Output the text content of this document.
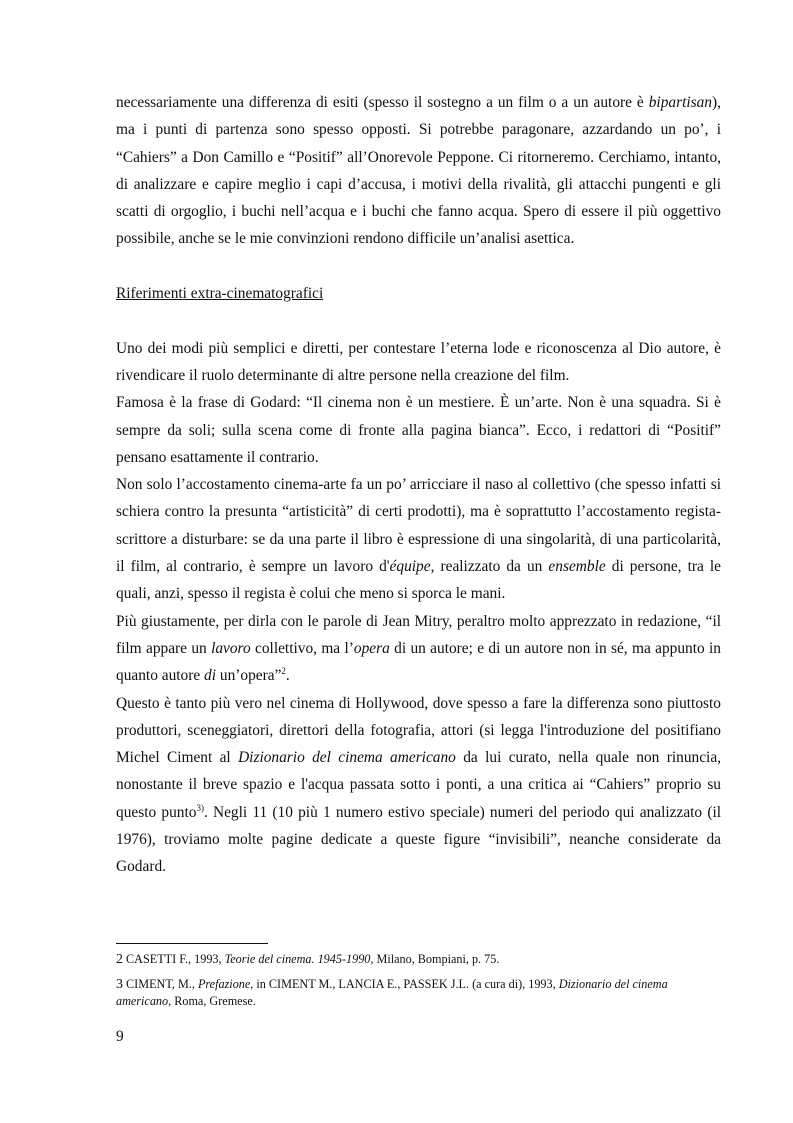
necessariamente una differenza di esiti (spesso il sostegno a un film o a un autore è bipartisan), ma i punti di partenza sono spesso opposti. Si potrebbe paragonare, azzardando un po’, i “Cahiers” a Don Camillo e “Positif” all’Onorevole Peppone. Ci ritorneremo. Cerchiamo, intanto, di analizzare e capire meglio i capi d’accusa, i motivi della rivalità, gli attacchi pungenti e gli scatti di orgoglio, i buchi nell’acqua e i buchi che fanno acqua. Spero di essere il più oggettivo possibile, anche se le mie convinzioni rendono difficile un’analisi asettica.

Riferimenti extra-cinematografici

Uno dei modi più semplici e diretti, per contestare l’eterna lode e riconoscenza al Dio autore, è rivendicare il ruolo determinante di altre persone nella creazione del film.

Famosa è la frase di Godard: “Il cinema non è un mestiere. È un’arte. Non è una squadra. Si è sempre da soli; sulla scena come di fronte alla pagina bianca”. Ecco, i redattori di “Positif” pensano esattamente il contrario.

Non solo l’accostamento cinema-arte fa un po’ arricciare il naso al collettivo (che spesso infatti si schiera contro la presunta “artisticità” di certi prodotti), ma è soprattutto l’accostamento regista-scrittore a disturbare: se da una parte il libro è espressione di una singolarità, di una particolarità, il film, al contrario, è sempre un lavoro d'équipe, realizzato da un ensemble di persone, tra le quali, anzi, spesso il regista è colui che meno si sporca le mani.

Più giustamente, per dirla con le parole di Jean Mitry, peraltro molto apprezzato in redazione, “il film appare un lavoro collettivo, ma l’opera di un autore; e di un autore non in sé, ma appunto in quanto autore di un’opera”$^2$.

Questo è tanto più vero nel cinema di Hollywood, dove spesso a fare la differenza sono piuttosto produttori, sceneggiatori, direttori della fotografia, attori (si legga l'introduzione del positifiano Michel Ciment al Dizionario del cinema americano da lui curato, nella quale non rinuncia, nonostante il breve spazio e l'acqua passata sotto i ponti, a una critica ai “Cahiers” proprio su questo punto$^{3)}$. Negli 11 (10 più 1 numero estivo speciale) numeri del periodo qui analizzato (il 1976), troviamo molte pagine dedicate a queste figure “invisibili”, neanche considerate da Godard.

2 CASETTI F., 1993, Teorie del cinema. 1945-1990, Milano, Bompiani, p. 75.

3 CIMENT, M., Prefazione, in CIMENT M., LANCIA E., PASSEK J.L. (a cura di), 1993, Dizionario del cinema americano, Roma, Gremese.

9
